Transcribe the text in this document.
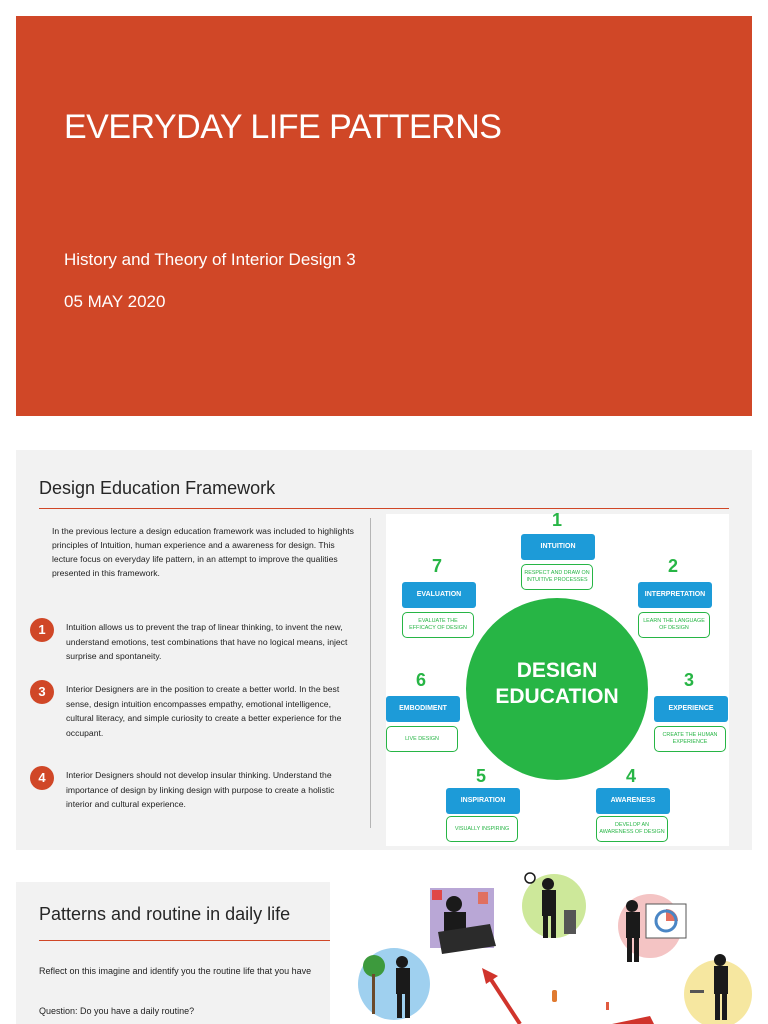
EVERYDAY LIFE PATTERNS
History and Theory of Interior Design 3
05 MAY 2020
Design Education Framework
In the previous lecture a design education framework was included to highlights principles of Intuition, human experience and a awareness for design. This lecture focus on everyday life pattern, in an attempt to improve the qualities presented in this framework.
1	Intuition allows us to prevent the trap of linear thinking, to invent the new, understand emotions, test combinations that have no logical means, inject surprise and spontaneity.
3	Interior Designers are in the position to create a better world. In the best sense, design intuition encompasses empathy, emotional intelligence, cultural literacy, and simple curiosity to create a better experience for the occupant.
4	Interior Designers should not develop insular thinking. Understand the importance of design by linking design with purpose to create a holistic interior and cultural experience.
DESIGN
EDUCATION
1
INTUITION
RESPECT AND DRAW ON INTUITIVE PROCESSES
2
INTERPRETATION
LEARN THE LANGUAGE OF DESIGN
3
EXPERIENCE
CREATE THE HUMAN EXPERIENCE
4
AWARENESS
DEVELOP AN AWARENESS OF DESIGN
5
INSPIRATION
VISUALLY INSPIRING
6
EMBODIMENT
LIVE DESIGN
7
EVALUATION
EVALUATE THE EFFICACY OF DESIGN
Patterns and routine in daily life
Reflect on this imagine and identify you the routine life that you have
Question: Do you have a daily routine?
